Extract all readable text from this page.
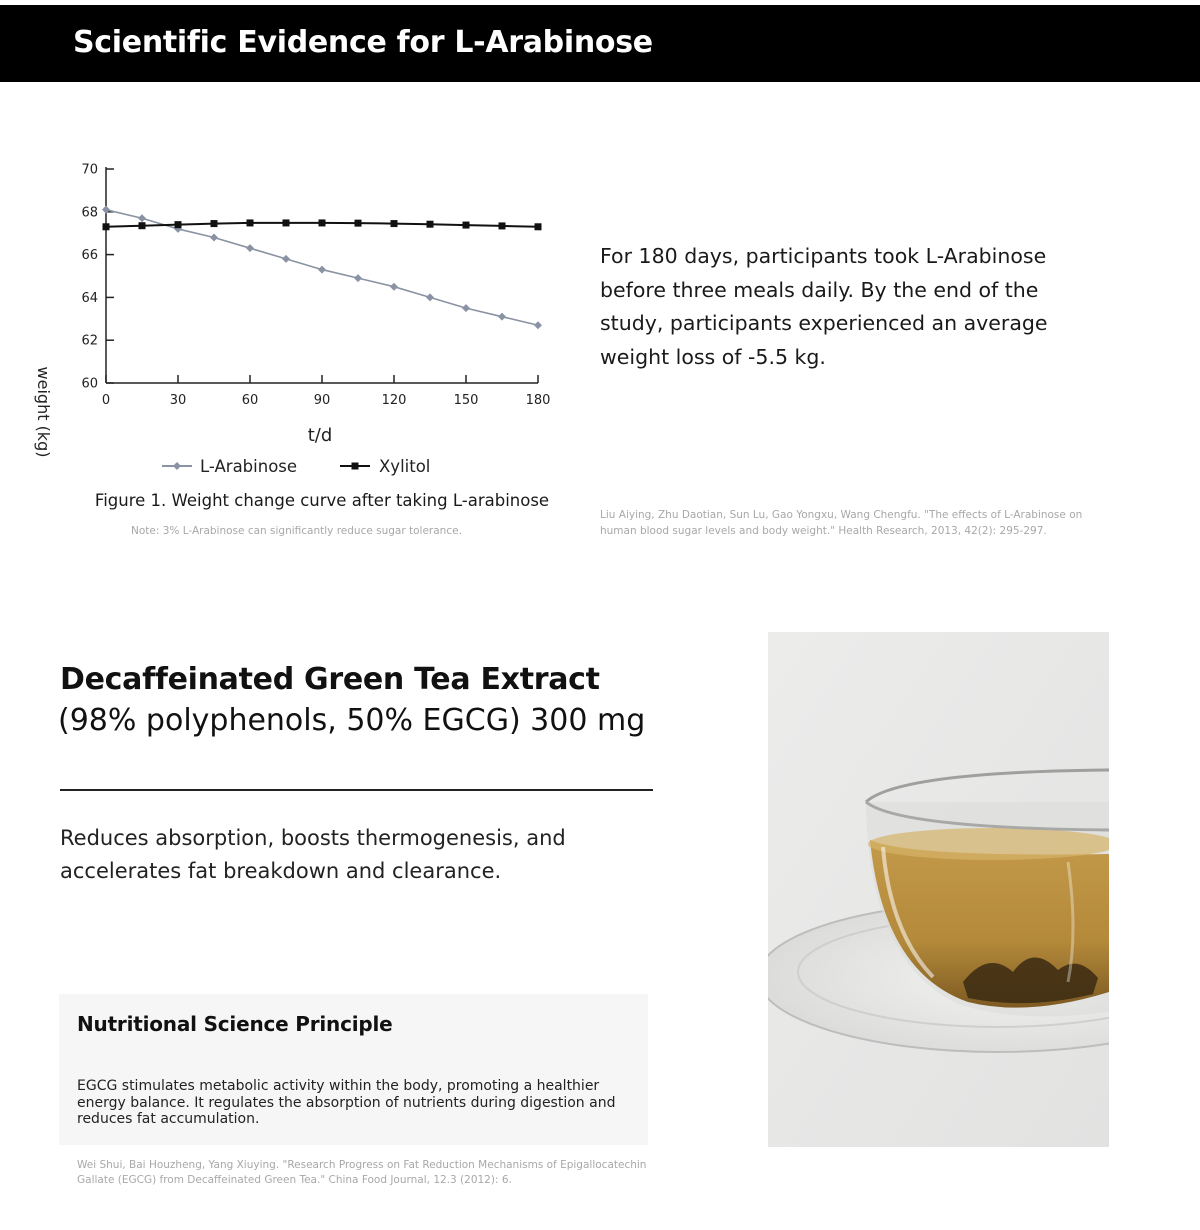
Scientific Evidence for L-Arabinose
60
62
64
66
68
70
0	30	60	90	120	150	180
weight (kg)	t/d
L-Arabinose	Xylitol
Figure 1. Weight change curve after taking L-arabinose
Note: 3% L-Arabinose can significantly reduce sugar tolerance.

For 180 days, participants took L-Arabinose before three meals daily. By the end of the study, participants experienced an average weight loss of -5.5 kg.

Liu Aiying, Zhu Daotian, Sun Lu, Gao Yongxu, Wang Chengfu. "The effects of L-Arabinose on human blood sugar levels and body weight." Health Research, 2013, 42(2): 295-297.

Decaffeinated Green Tea Extract

(98% polyphenols, 50% EGCG) 300 mg

Reduces absorption, boosts thermogenesis, and accelerates fat breakdown and clearance.

Nutritional Science Principle

EGCG stimulates metabolic activity within the body, promoting a healthier energy balance. It regulates the absorption of nutrients during digestion and reduces fat accumulation.

Wei Shui, Bai Houzheng, Yang Xiuying. "Research Progress on Fat Reduction Mechanisms of Epigallocatechin Gallate (EGCG) from Decaffeinated Green Tea." China Food Journal, 12.3 (2012): 6.
